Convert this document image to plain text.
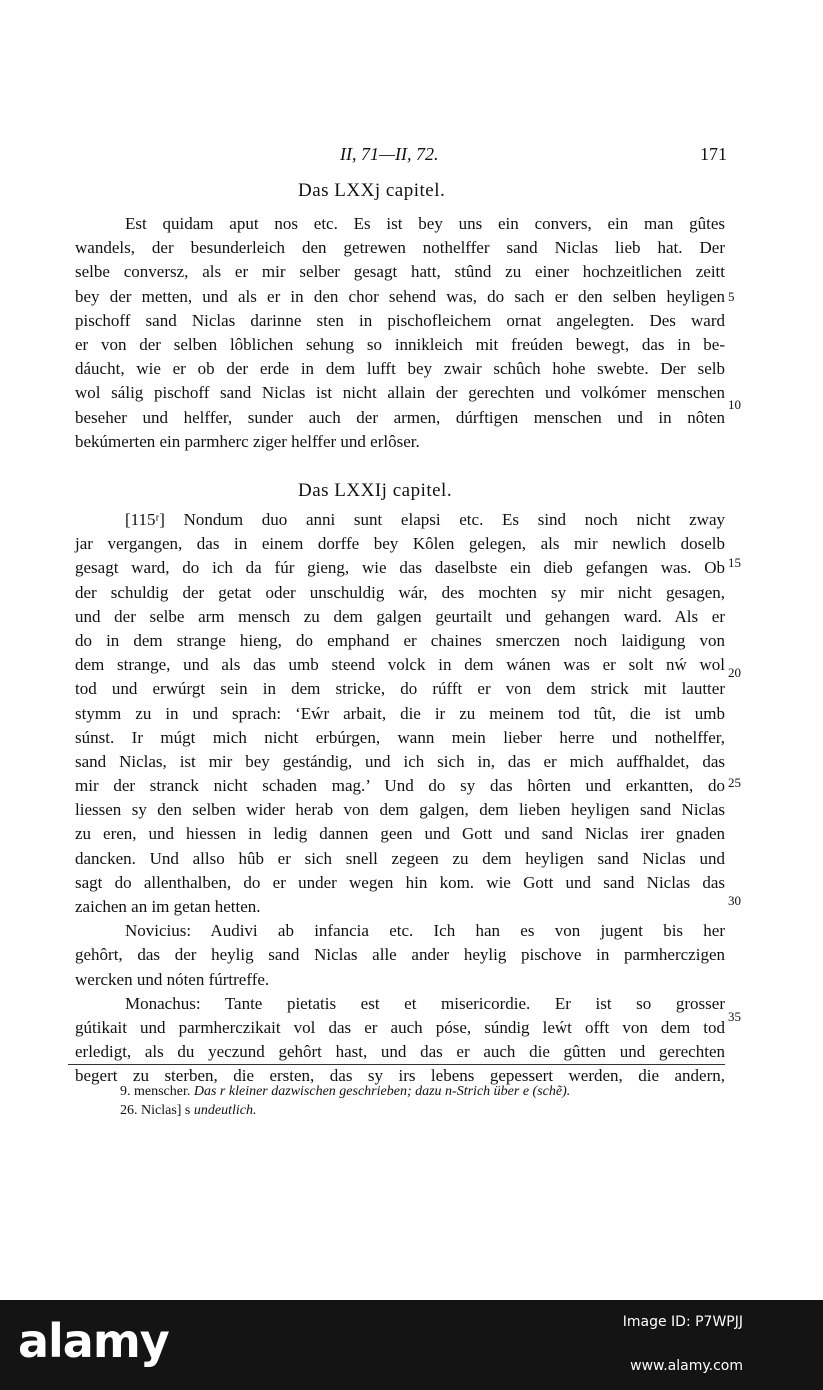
II, 71—II, 72.	171
Das LXXj capitel.
Est quidam aput nos etc. Es ist bey uns ein convers, ein man gûtes
wandels, der besunderleich den getrewen nothelffer sand Niclas lieb hat. Der
selbe conversz, als er mir selber gesagt hatt, stûnd zu einer hochzeitlichen zeitt
bey der metten, und als er in den chor sehend was, do sach er den selben heyligen
pischoff sand Niclas darinne sten in pischofleichem ornat angelegten. Des ward
er von der selben lôblichen sehung so innikleich mit freúden bewegt, das in be-
dáucht, wie er ob der erde in dem lufft bey zwair schûch hohe swebte. Der selb
wol sálig pischoff sand Niclas ist nicht allain der gerechten und volkómer menschen
beseher und helffer, sunder auch der armen, dúrftigen menschen und in nôten
bekúmerten ein parmherc ziger helffer und erlôser.
Das LXXIj capitel.
[115ʳ] Nondum duo anni sunt elapsi etc. Es sind noch nicht zway
jar vergangen, das in einem dorffe bey Kôlen gelegen, als mir newlich doselb
gesagt ward, do ich da fúr gieng, wie das daselbste ein dieb gefangen was. Ob
der schuldig der getat oder unschuldig wár, des mochten sy mir nicht gesagen,
und der selbe arm mensch zu dem galgen geurtailt und gehangen ward. Als er
do in dem strange hieng, do emphand er chaines smerczen noch laidigung von
dem strange, und als das umb steend volck in dem wánen was er solt nẃ wol
tod und erwúrgt sein in dem stricke, do rúfft er von dem strick mit lautter
stymm zu in und sprach: ‘Eẃr arbait, die ir zu meinem tod tût, die ist umb
súnst. Ir múgt mich nicht erbúrgen, wann mein lieber herre und nothelffer,
sand Niclas, ist mir bey gestándig, und ich sich in, das er mich auffhaldet, das
mir der stranck nicht schaden mag.’ Und do sy das hôrten und erkantten, do
liessen sy den selben wider herab von dem galgen, dem lieben heyligen sand Niclas
zu eren, und hiessen in ledig dannen geen und Gott und sand Niclas irer gnaden
dancken. Und allso hûb er sich snell zegeen zu dem heyligen sand Niclas und
sagt do allenthalben, do er under wegen hin kom. wie Gott und sand Niclas das
zaichen an im getan hetten.
Novicius: Audivi ab infancia etc. Ich han es von jugent bis her
gehôrt, das der heylig sand Niclas alle ander heylig pischove in parmherczigen
wercken und nóten fúrtreffe.
Monachus: Tante pietatis est et misericordie. Er ist so grosser
gútikait und parmherczikait vol das er auch póse, súndig leẃt offt von dem tod
erledigt, als du yeczund gehôrt hast, und das er auch die gûtten und gerechten
begert zu sterben, die ersten, das sy irs lebens gepessert werden, die andern,
5
10
15
20
25
30
35
9. menscher. Das r kleiner dazwischen geschrieben; dazu n-Strich über e (schẽ).
26. Niclas] s undeutlich.
alamy	Image ID: P7WPJJ
www.alamy.com
